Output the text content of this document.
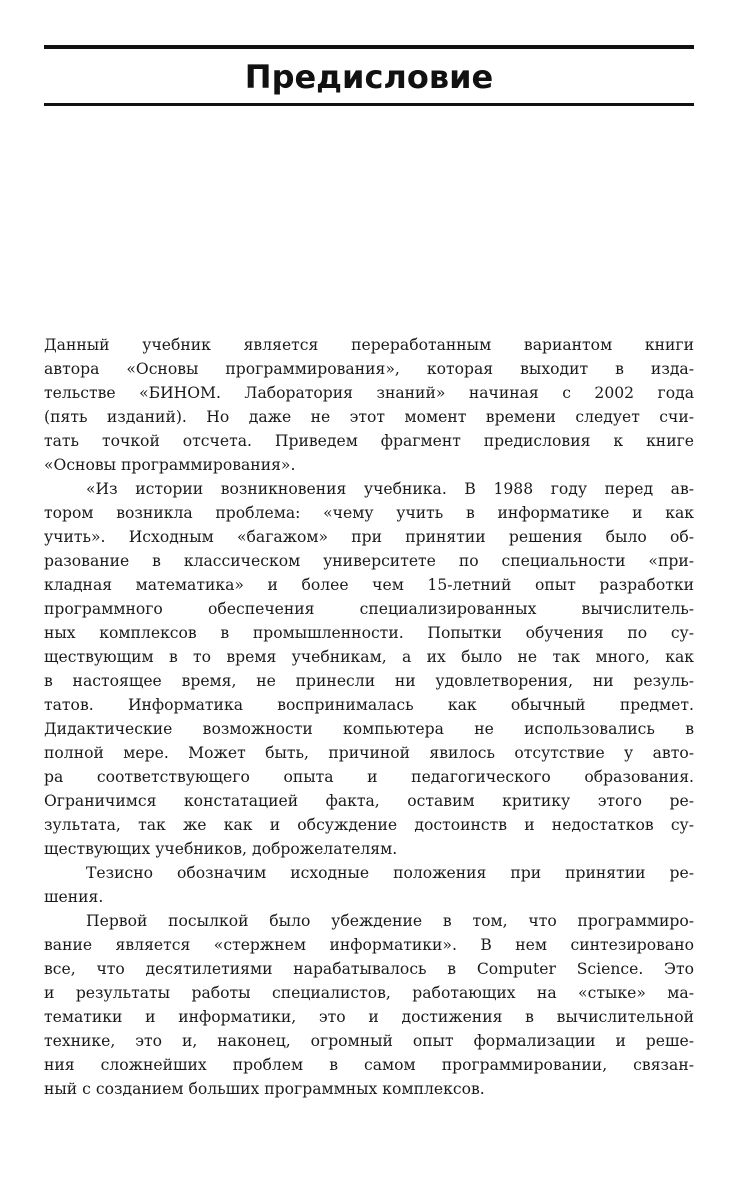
Предисловие
Данный учебник является переработанным вариантом книги
автора «Основы программирования», которая выходит в изда-
тельстве «БИНОМ. Лаборатория знаний» начиная с 2002 года
(пять изданий). Но даже не этот момент времени следует счи-
тать точкой отсчета. Приведем фрагмент предисловия к книге
«Основы программирования».
«Из истории возникновения учебника. В 1988 году перед ав-
тором возникла проблема: «чему учить в информатике и как
учить». Исходным «багажом» при принятии решения было об-
разование в классическом университете по специальности «при-
кладная математика» и более чем 15-летний опыт разработки
программного обеспечения специализированных вычислитель-
ных комплексов в промышленности. Попытки обучения по су-
ществующим в то время учебникам, а их было не так много, как
в настоящее время, не принесли ни удовлетворения, ни резуль-
татов. Информатика воспринималась как обычный предмет.
Дидактические возможности компьютера не использовались в
полной мере. Может быть, причиной явилось отсутствие у авто-
ра соответствующего опыта и педагогического образования.
Ограничимся констатацией факта, оставим критику этого ре-
зультата, так же как и обсуждение достоинств и недостатков су-
ществующих учебников, доброжелателям.
Тезисно обозначим исходные положения при принятии ре-
шения.
Первой посылкой было убеждение в том, что программиро-
вание является «стержнем информатики». В нем синтезировано
все, что десятилетиями нарабатывалось в Computer Science. Это
и результаты работы специалистов, работающих на «стыке» ма-
тематики и информатики, это и достижения в вычислительной
технике, это и, наконец, огромный опыт формализации и реше-
ния сложнейших проблем в самом программировании, связан-
ный с созданием больших программных комплексов.
